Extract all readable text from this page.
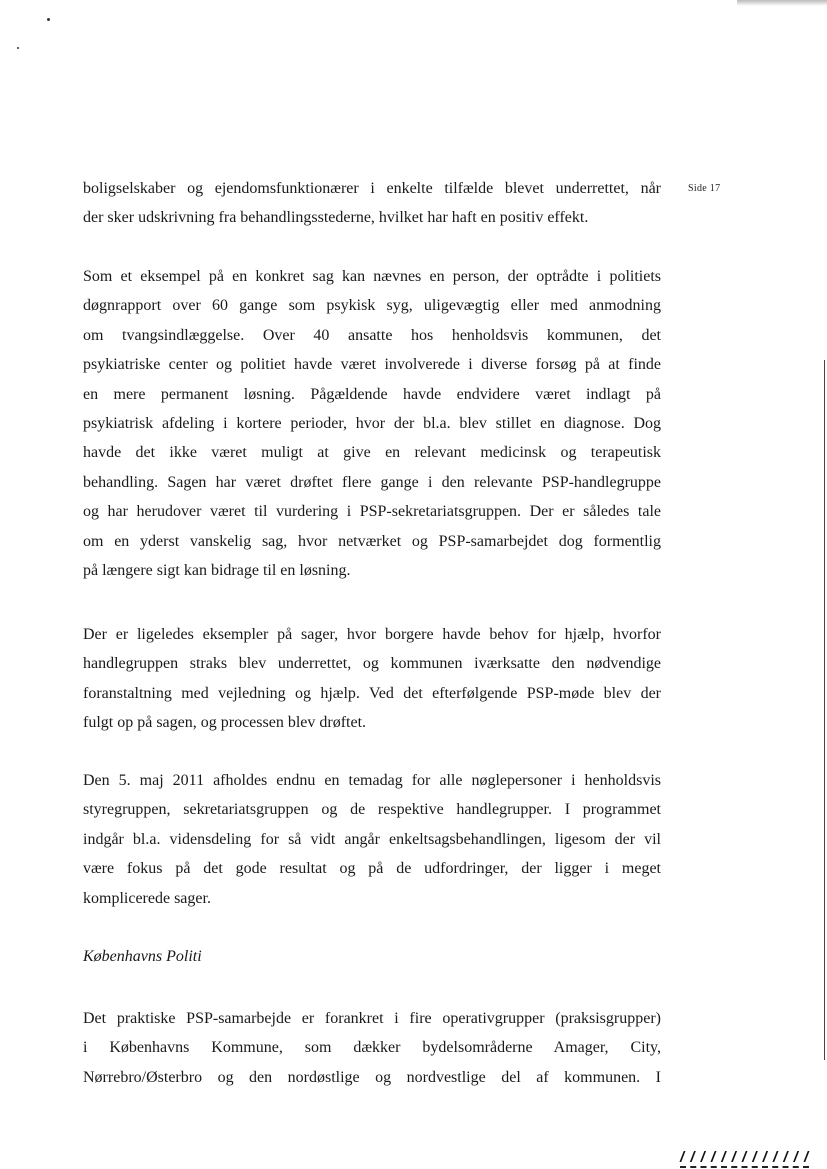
Side 17
boligselskaber og ejendomsfunktionærer i enkelte tilfælde blevet underrettet, når
der sker udskrivning fra behandlingsstederne, hvilket har haft en positiv effekt.
Som et eksempel på en konkret sag kan nævnes en person, der optrådte i politiets
døgnrapport over 60 gange som psykisk syg, uligevægtig eller med anmodning
om tvangsindlæggelse. Over 40 ansatte hos henholdsvis kommunen, det
psykiatriske center og politiet havde været involverede i diverse forsøg på at finde
en mere permanent løsning. Pågældende havde endvidere været indlagt på
psykiatrisk afdeling i kortere perioder, hvor der bl.a. blev stillet en diagnose. Dog
havde det ikke været muligt at give en relevant medicinsk og terapeutisk
behandling. Sagen har været drøftet flere gange i den relevante PSP-handlegruppe
og har herudover været til vurdering i PSP-sekretariatsgruppen. Der er således tale
om en yderst vanskelig sag, hvor netværket og PSP-samarbejdet dog formentlig
på længere sigt kan bidrage til en løsning.
Der er ligeledes eksempler på sager, hvor borgere havde behov for hjælp, hvorfor
handlegruppen straks blev underrettet, og kommunen iværksatte den nødvendige
foranstaltning med vejledning og hjælp. Ved det efterfølgende PSP-møde blev der
fulgt op på sagen, og processen blev drøftet.
Den 5. maj 2011 afholdes endnu en temadag for alle nøglepersoner i henholdsvis
styregruppen, sekretariatsgruppen og de respektive handlegrupper. I programmet
indgår bl.a. vidensdeling for så vidt angår enkeltsagsbehandlingen, ligesom der vil
være fokus på det gode resultat og på de udfordringer, der ligger i meget
komplicerede sager.
Københavns Politi
Det praktiske PSP-samarbejde er forankret i fire operativgrupper (praksisgrupper)
i Københavns Kommune, som dækker bydelsområderne Amager, City,
Nørrebro/Østerbro og den nordøstlige og nordvestlige del af kommunen. I
/ / / / / / / / / / / / /
